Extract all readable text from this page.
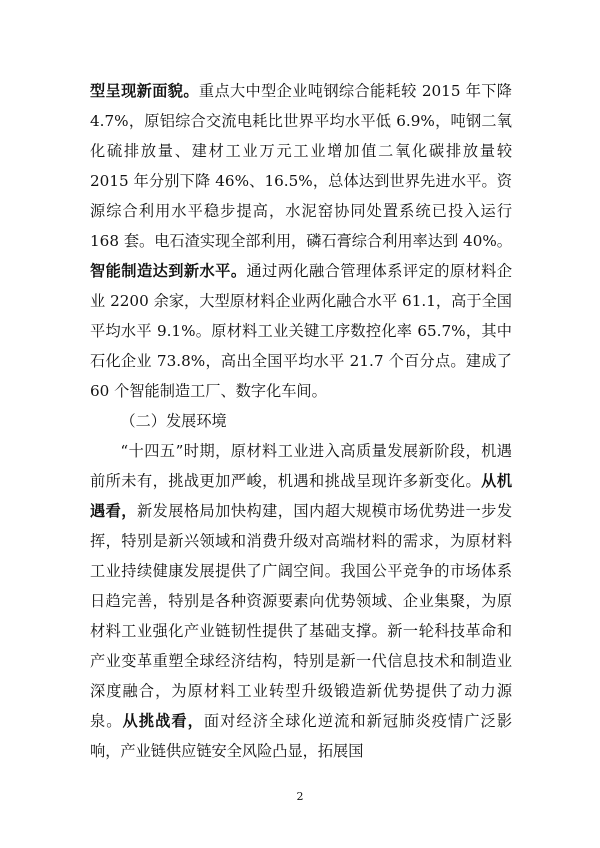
型呈现新面貌。重点大中型企业吨钢综合能耗较 2015 年下降 4.7%，原铝综合交流电耗比世界平均水平低 6.9%，吨钢二氧化硫排放量、建材工业万元工业增加值二氧化碳排放量较 2015 年分别下降 46%、16.5%，总体达到世界先进水平。资源综合利用水平稳步提高，水泥窑协同处置系统已投入运行 168 套。电石渣实现全部利用，磷石膏综合利用率达到 40%。智能制造达到新水平。通过两化融合管理体系评定的原材料企业 2200 余家，大型原材料企业两化融合水平 61.1，高于全国平均水平 9.1%。原材料工业关键工序数控化率 65.7%，其中石化企业 73.8%，高出全国平均水平 21.7 个百分点。建成了 60 个智能制造工厂、数字化车间。

（二）发展环境

“十四五”时期，原材料工业进入高质量发展新阶段，机遇前所未有，挑战更加严峻，机遇和挑战呈现许多新变化。从机遇看，新发展格局加快构建，国内超大规模市场优势进一步发挥，特别是新兴领域和消费升级对高端材料的需求，为原材料工业持续健康发展提供了广阔空间。我国公平竞争的市场体系日趋完善，特别是各种资源要素向优势领域、企业集聚，为原材料工业强化产业链韧性提供了基础支撑。新一轮科技革命和产业变革重塑全球经济结构，特别是新一代信息技术和制造业深度融合，为原材料工业转型升级锻造新优势提供了动力源泉。从挑战看，面对经济全球化逆流和新冠肺炎疫情广泛影响，产业链供应链安全风险凸显，拓展国

2
